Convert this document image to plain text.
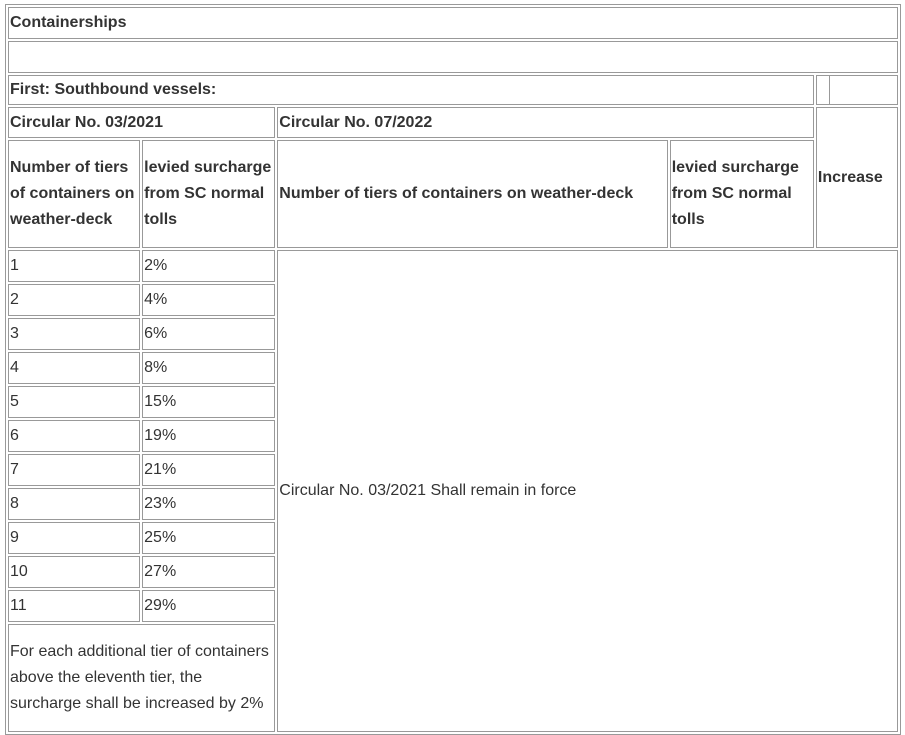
Containerships

First: Southbound vessels:	

Circular No. 03/2021	Circular No. 07/2022	Increase
Number of tiers of containers on weather-deck	levied surcharge from SC normal tolls	Number of tiers of containers on weather-deck	levied surcharge from SC normal tolls
1	2%	Circular No. 03/2021 Shall remain in force
2	4%
3	6%
4	8%
5	15%
6	19%
7	21%
8	23%
9	25%
10	27%
11	29%
For each additional tier of containers above the eleventh tier, the surcharge shall be increased by 2%
